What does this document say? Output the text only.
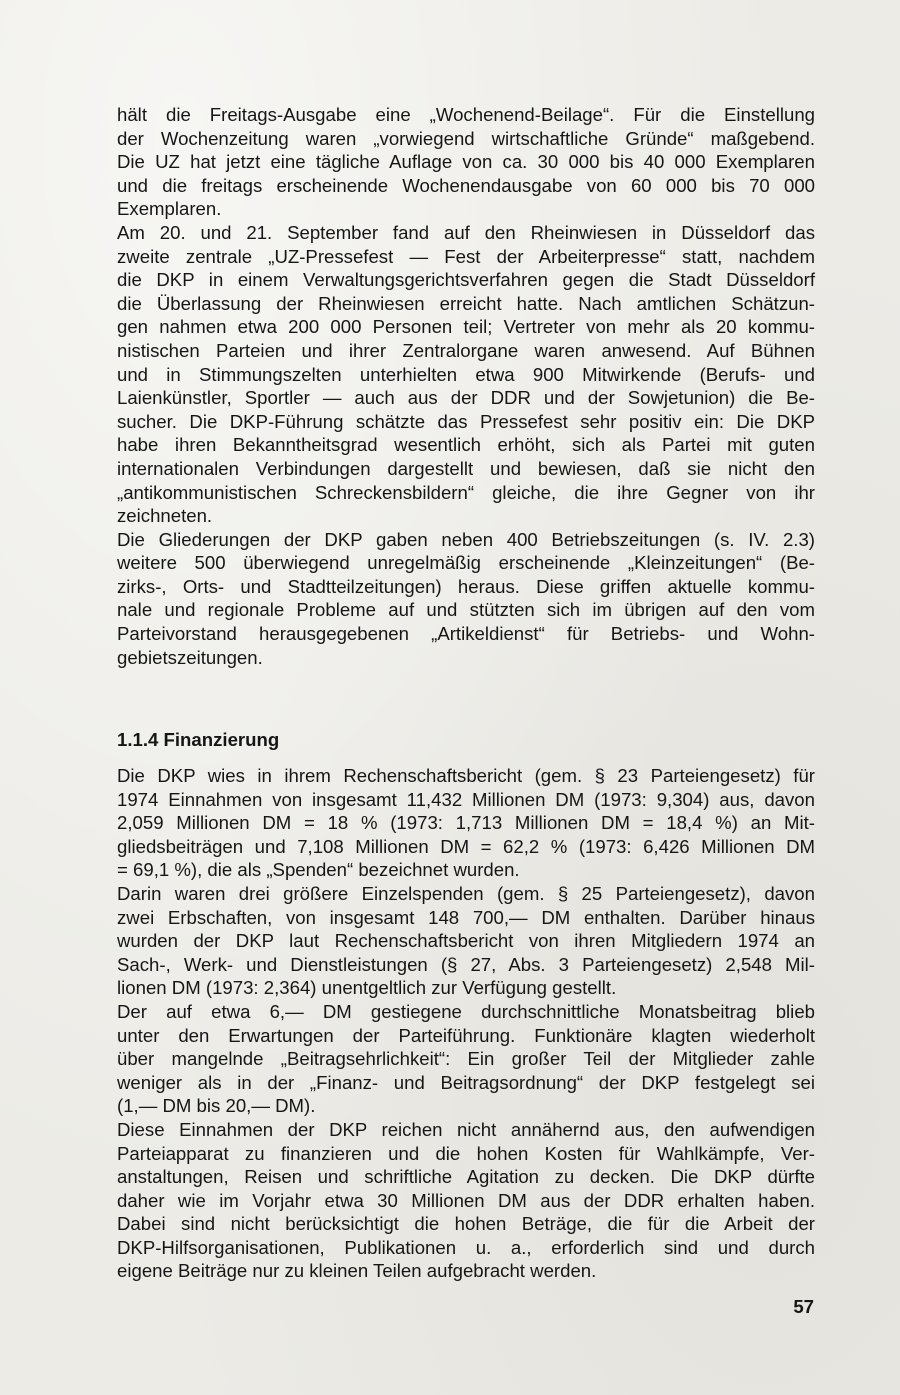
hält die Freitags-Ausgabe eine „Wochenend-Beilage“. Für die Einstellung
der Wochenzeitung waren „vorwiegend wirtschaftliche Gründe“ maßgebend.
Die UZ hat jetzt eine tägliche Auflage von ca. 30 000 bis 40 000 Exemplaren
und die freitags erscheinende Wochenendausgabe von 60 000 bis 70 000
Exemplaren.
Am 20. und 21. September fand auf den Rheinwiesen in Düsseldorf das
zweite zentrale „UZ-Pressefest — Fest der Arbeiterpresse“ statt, nachdem
die DKP in einem Verwaltungsgerichtsverfahren gegen die Stadt Düsseldorf
die Überlassung der Rheinwiesen erreicht hatte. Nach amtlichen Schätzun-
gen nahmen etwa 200 000 Personen teil; Vertreter von mehr als 20 kommu-
nistischen Parteien und ihrer Zentralorgane waren anwesend. Auf Bühnen
und in Stimmungszelten unterhielten etwa 900 Mitwirkende (Berufs- und
Laienkünstler, Sportler — auch aus der DDR und der Sowjetunion) die Be-
sucher. Die DKP-Führung schätzte das Pressefest sehr positiv ein: Die DKP
habe ihren Bekanntheitsgrad wesentlich erhöht, sich als Partei mit guten
internationalen Verbindungen dargestellt und bewiesen, daß sie nicht den
„antikommunistischen Schreckensbildern“ gleiche, die ihre Gegner von ihr
zeichneten.
Die Gliederungen der DKP gaben neben 400 Betriebszeitungen (s. IV. 2.3)
weitere 500 überwiegend unregelmäßig erscheinende „Kleinzeitungen“ (Be-
zirks-, Orts- und Stadtteilzeitungen) heraus. Diese griffen aktuelle kommu-
nale und regionale Probleme auf und stützten sich im übrigen auf den vom
Parteivorstand herausgegebenen „Artikeldienst“ für Betriebs- und Wohn-
gebietszeitungen.
1.1.4 Finanzierung
Die DKP wies in ihrem Rechenschaftsbericht (gem. § 23 Parteiengesetz) für
1974 Einnahmen von insgesamt 11,432 Millionen DM (1973: 9,304) aus, davon
2,059 Millionen DM = 18 % (1973: 1,713 Millionen DM = 18,4 %) an Mit-
gliedsbeiträgen und 7,108 Millionen DM = 62,2 % (1973: 6,426 Millionen DM
= 69,1 %), die als „Spenden“ bezeichnet wurden.
Darin waren drei größere Einzelspenden (gem. § 25 Parteiengesetz), davon
zwei Erbschaften, von insgesamt 148 700,— DM enthalten. Darüber hinaus
wurden der DKP laut Rechenschaftsbericht von ihren Mitgliedern 1974 an
Sach-, Werk- und Dienstleistungen (§ 27, Abs. 3 Parteiengesetz) 2,548 Mil-
lionen DM (1973: 2,364) unentgeltlich zur Verfügung gestellt.
Der auf etwa 6,— DM gestiegene durchschnittliche Monatsbeitrag blieb
unter den Erwartungen der Parteiführung. Funktionäre klagten wiederholt
über mangelnde „Beitragsehrlichkeit“: Ein großer Teil der Mitglieder zahle
weniger als in der „Finanz- und Beitragsordnung“ der DKP festgelegt sei
(1,— DM bis 20,— DM).
Diese Einnahmen der DKP reichen nicht annähernd aus, den aufwendigen
Parteiapparat zu finanzieren und die hohen Kosten für Wahlkämpfe, Ver-
anstaltungen, Reisen und schriftliche Agitation zu decken. Die DKP dürfte
daher wie im Vorjahr etwa 30 Millionen DM aus der DDR erhalten haben.
Dabei sind nicht berücksichtigt die hohen Beträge, die für die Arbeit der
DKP-Hilfsorganisationen, Publikationen u. a., erforderlich sind und durch
eigene Beiträge nur zu kleinen Teilen aufgebracht werden.
57
